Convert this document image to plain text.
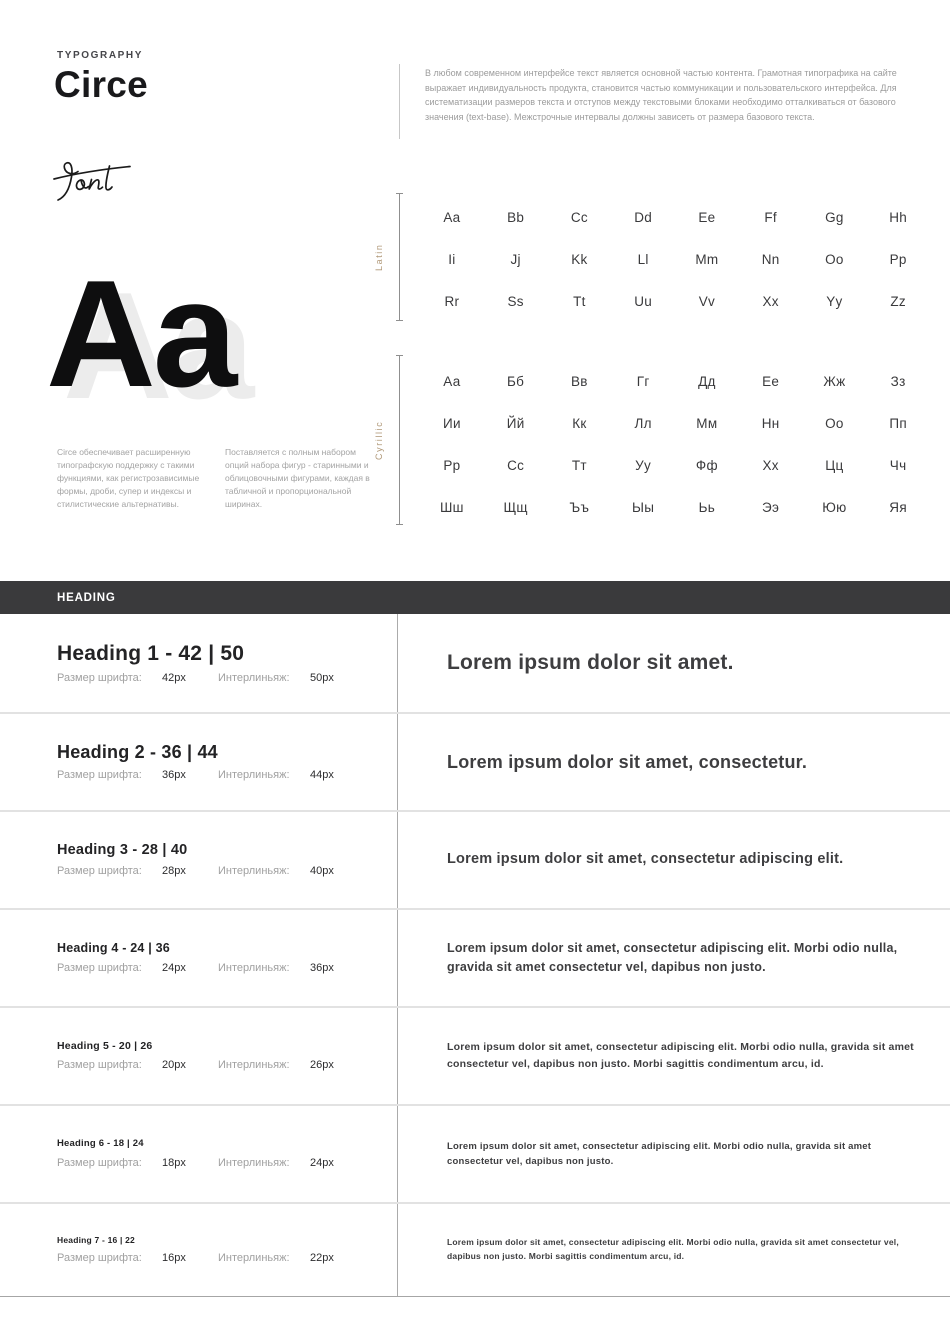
TYPOGRAPHY
Circe
Aa
Circe обеспечивает расширенную типографскую поддержку с такими функциями, как регистрозависимые формы, дроби, супер и индексы и стилистические альтернативы.
Поставляется с полным набором опций набора фигур - старинными и облицовочными фигурами, каждая в табличной и пропорциональной ширинах.
В любом современном интерфейсе текст является основной частью контента. Грамотная типографика на сайте выражает индивидуальность продукта, становится частью коммуникации и пользовательского интерфейса. Для систематизации размеров текста и отступов между текстовыми блоками необходимо отталкиваться от базового значения (text-base). Межстрочные интервалы должны зависеть от размера базового текста.
Latin
Aa	Bb	Cc	Dd	Ee	Ff	Gg	Hh
Ii	Jj	Kk	Ll	Mm	Nn	Oo	Pp
Rr	Ss	Tt	Uu	Vv	Xx	Yy	Zz
Cyrillic
Аа	Бб	Вв	Гг	Дд	Ее	Жж	Зз
Ии	Йй	Кк	Лл	Мм	Нн	Оо	Пп
Рр	Сс	Тт	Уу	Фф	Хх	Цц	Чч
Шш	Щщ	Ъъ	Ыы	Ьь	Ээ	Юю	Яя
HEADING
Heading 1 - 42 | 50
Размер шрифта:	42px	Интерлиньяж:	50px
Lorem ipsum dolor sit amet.
Heading 2 - 36 | 44
Размер шрифта:	36px	Интерлиньяж:	44px
Lorem ipsum dolor sit amet, consectetur.
Heading 3 - 28 | 40
Размер шрифта:	28px	Интерлиньяж:	40px
Lorem ipsum dolor sit amet, consectetur adipiscing elit.
Heading 4 - 24 | 36
Размер шрифта:	24px	Интерлиньяж:	36px
Lorem ipsum dolor sit amet, consectetur adipiscing elit. Morbi odio nulla, gravida sit amet consectetur vel, dapibus non justo.
Heading 5 - 20 | 26
Размер шрифта:	20px	Интерлиньяж:	26px
Lorem ipsum dolor sit amet, consectetur adipiscing elit. Morbi odio nulla, gravida sit amet consectetur vel, dapibus non justo. Morbi sagittis condimentum arcu, id.
Heading 6 - 18 | 24
Размер шрифта:	18px	Интерлиньяж:	24px
Lorem ipsum dolor sit amet, consectetur adipiscing elit. Morbi odio nulla, gravida sit amet consectetur vel, dapibus non justo.
Heading 7 - 16 | 22
Размер шрифта:	16px	Интерлиньяж:	22px
Lorem ipsum dolor sit amet, consectetur adipiscing elit. Morbi odio nulla, gravida sit amet consectetur vel, dapibus non justo. Morbi sagittis condimentum arcu, id.
